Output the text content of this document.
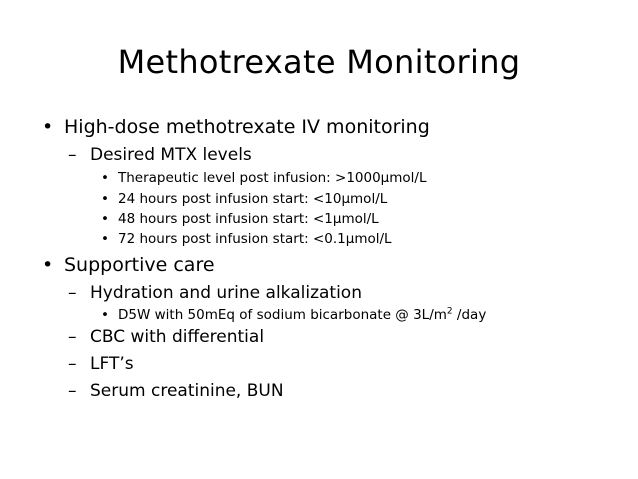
Methotrexate Monitoring
• High-dose methotrexate IV monitoring
– Desired MTX levels
• Therapeutic level post infusion: >1000µmol/L
• 24 hours post infusion start: <10µmol/L
• 48 hours post infusion start: <1µmol/L
• 72 hours post infusion start: <0.1µmol/L
• Supportive care
– Hydration and urine alkalization
• D5W with 50mEq of sodium bicarbonate @ $3L/m^2$ /day
– CBC with differential
– LFT’s
– Serum creatinine, BUN
